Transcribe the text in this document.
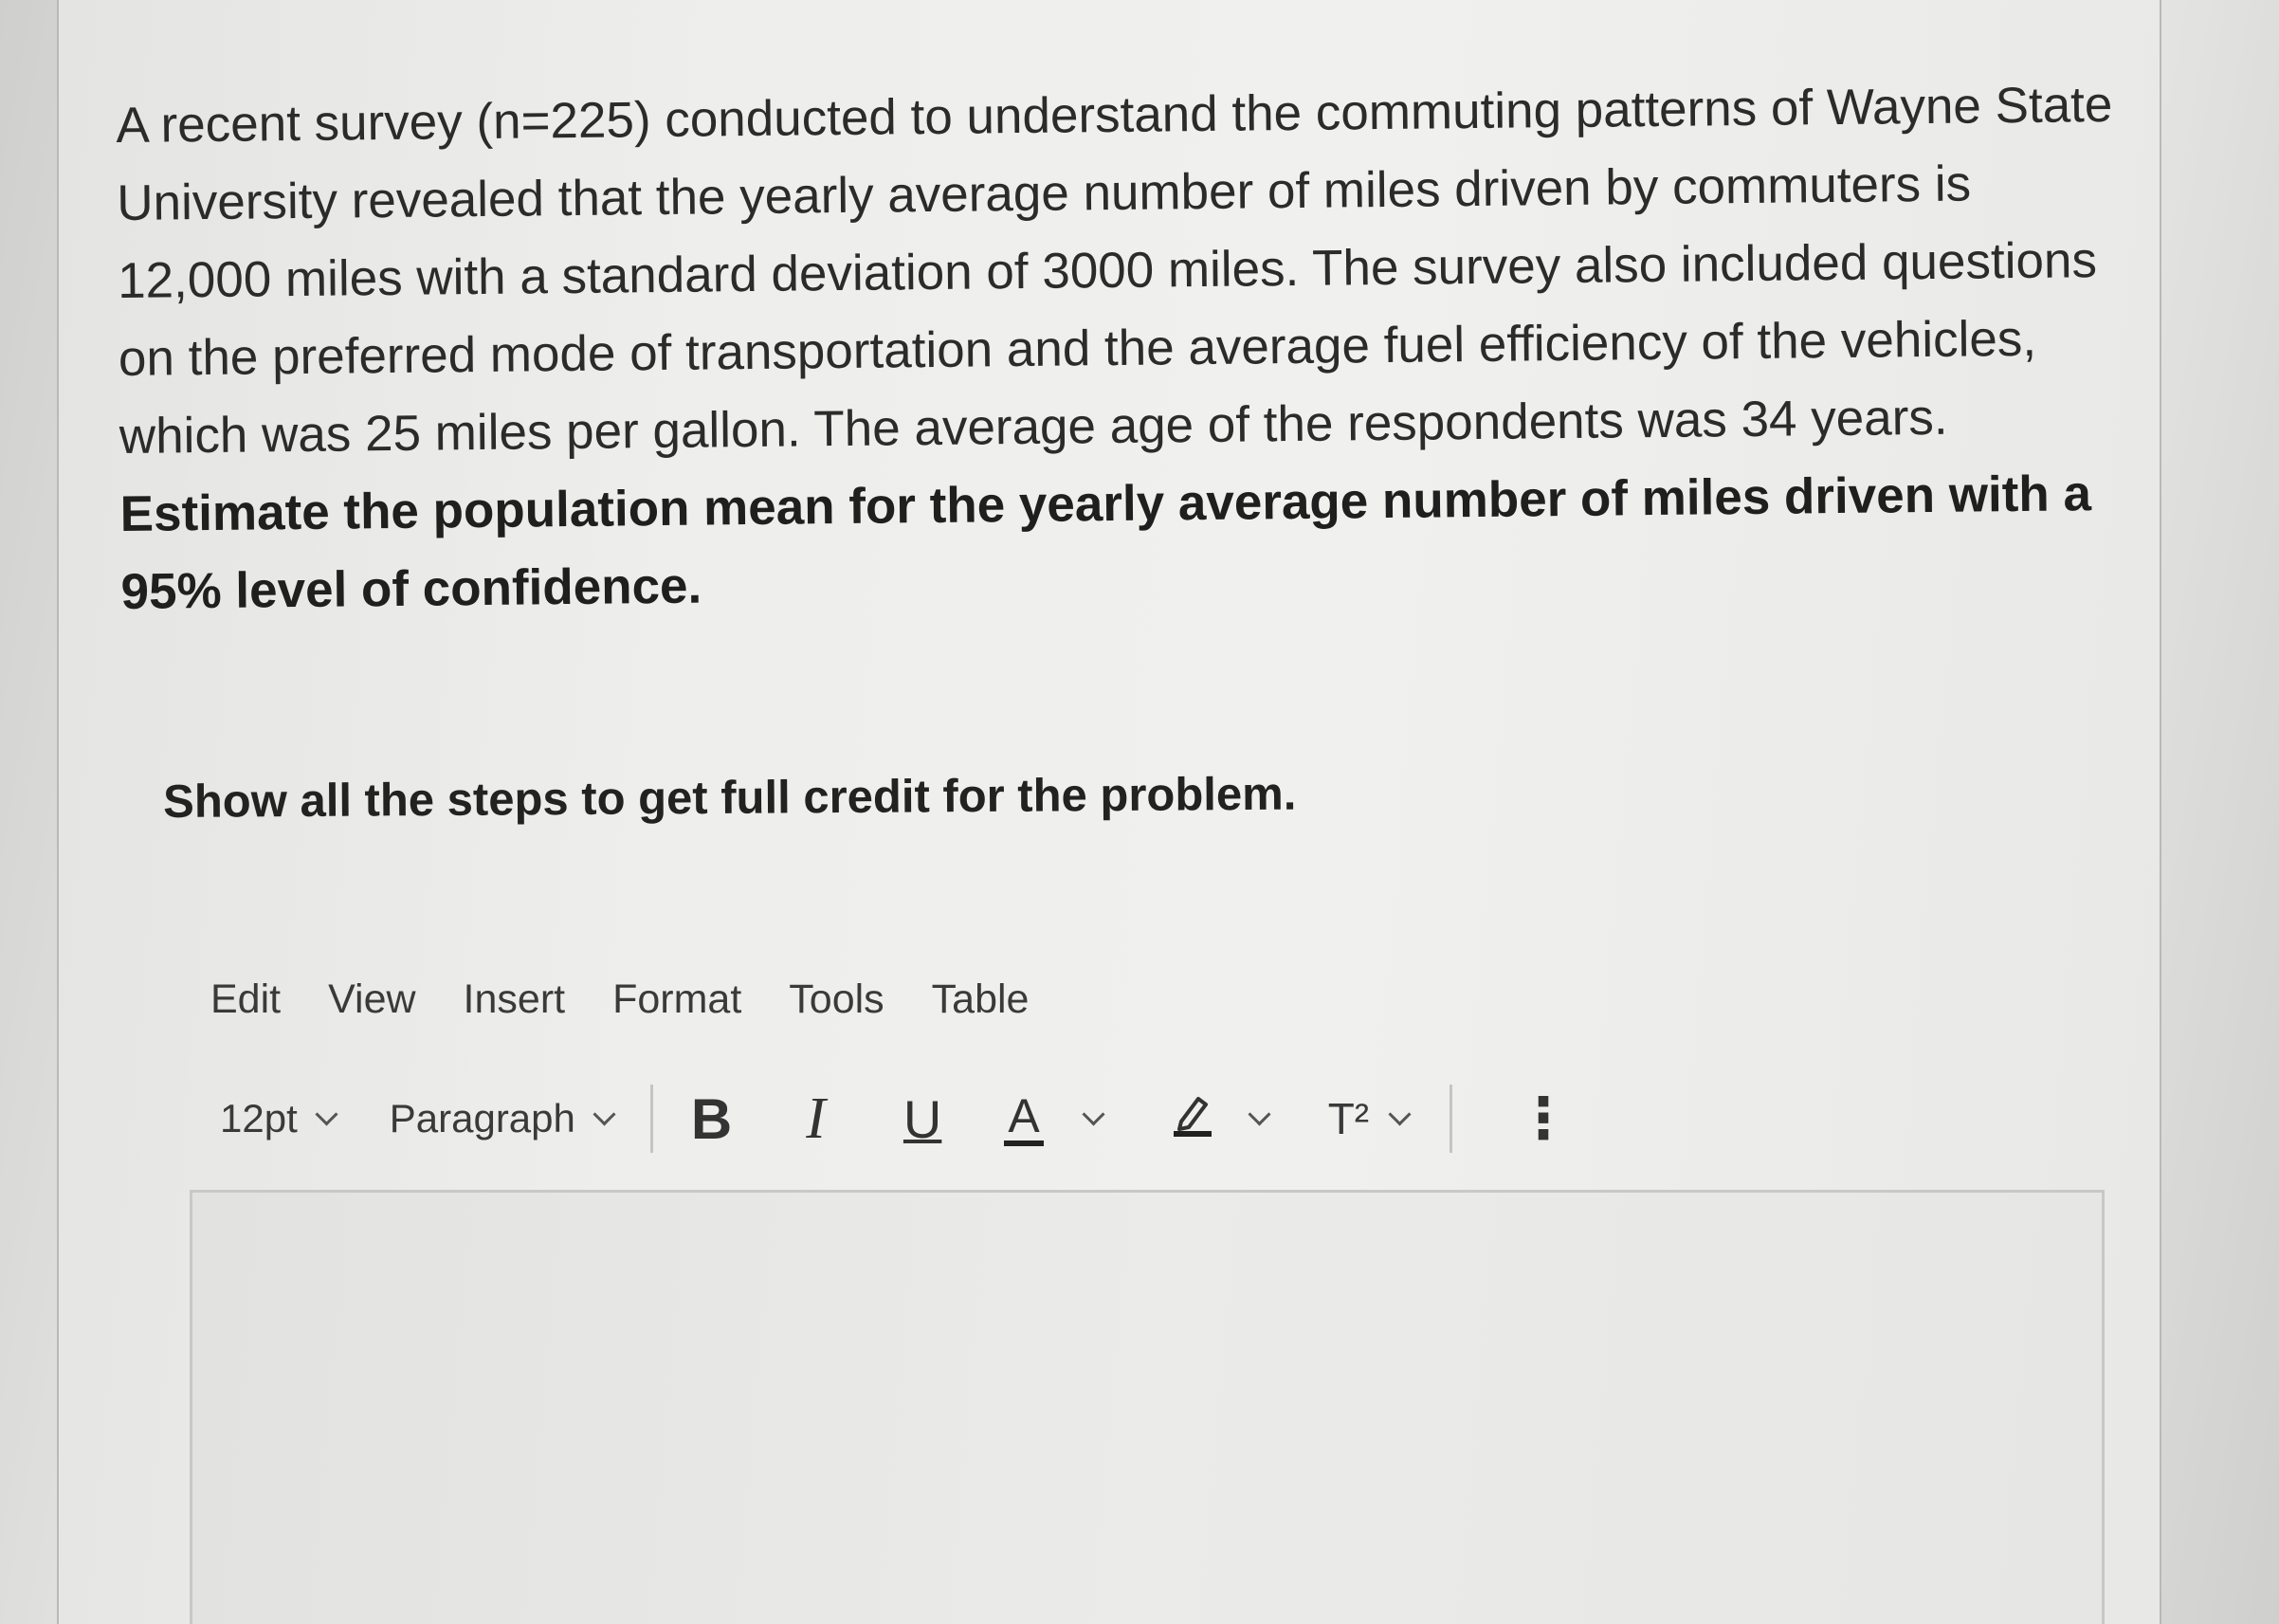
A recent survey (n=225) conducted to understand the commuting patterns of Wayne State University revealed that the yearly average number of miles driven by commuters is 12,000 miles with a standard deviation of 3000 miles. The survey also included questions on the preferred mode of transportation and the average fuel efficiency of the vehicles, which was 25 miles per gallon. The average age of the respondents was 34 years. Estimate the population mean for the yearly average number of miles driven with a 95% level of confidence.
Show all the steps to get full credit for the problem.
Edit View Insert Format Tools Table
12pt Paragraph B I U A	T²	⋮
